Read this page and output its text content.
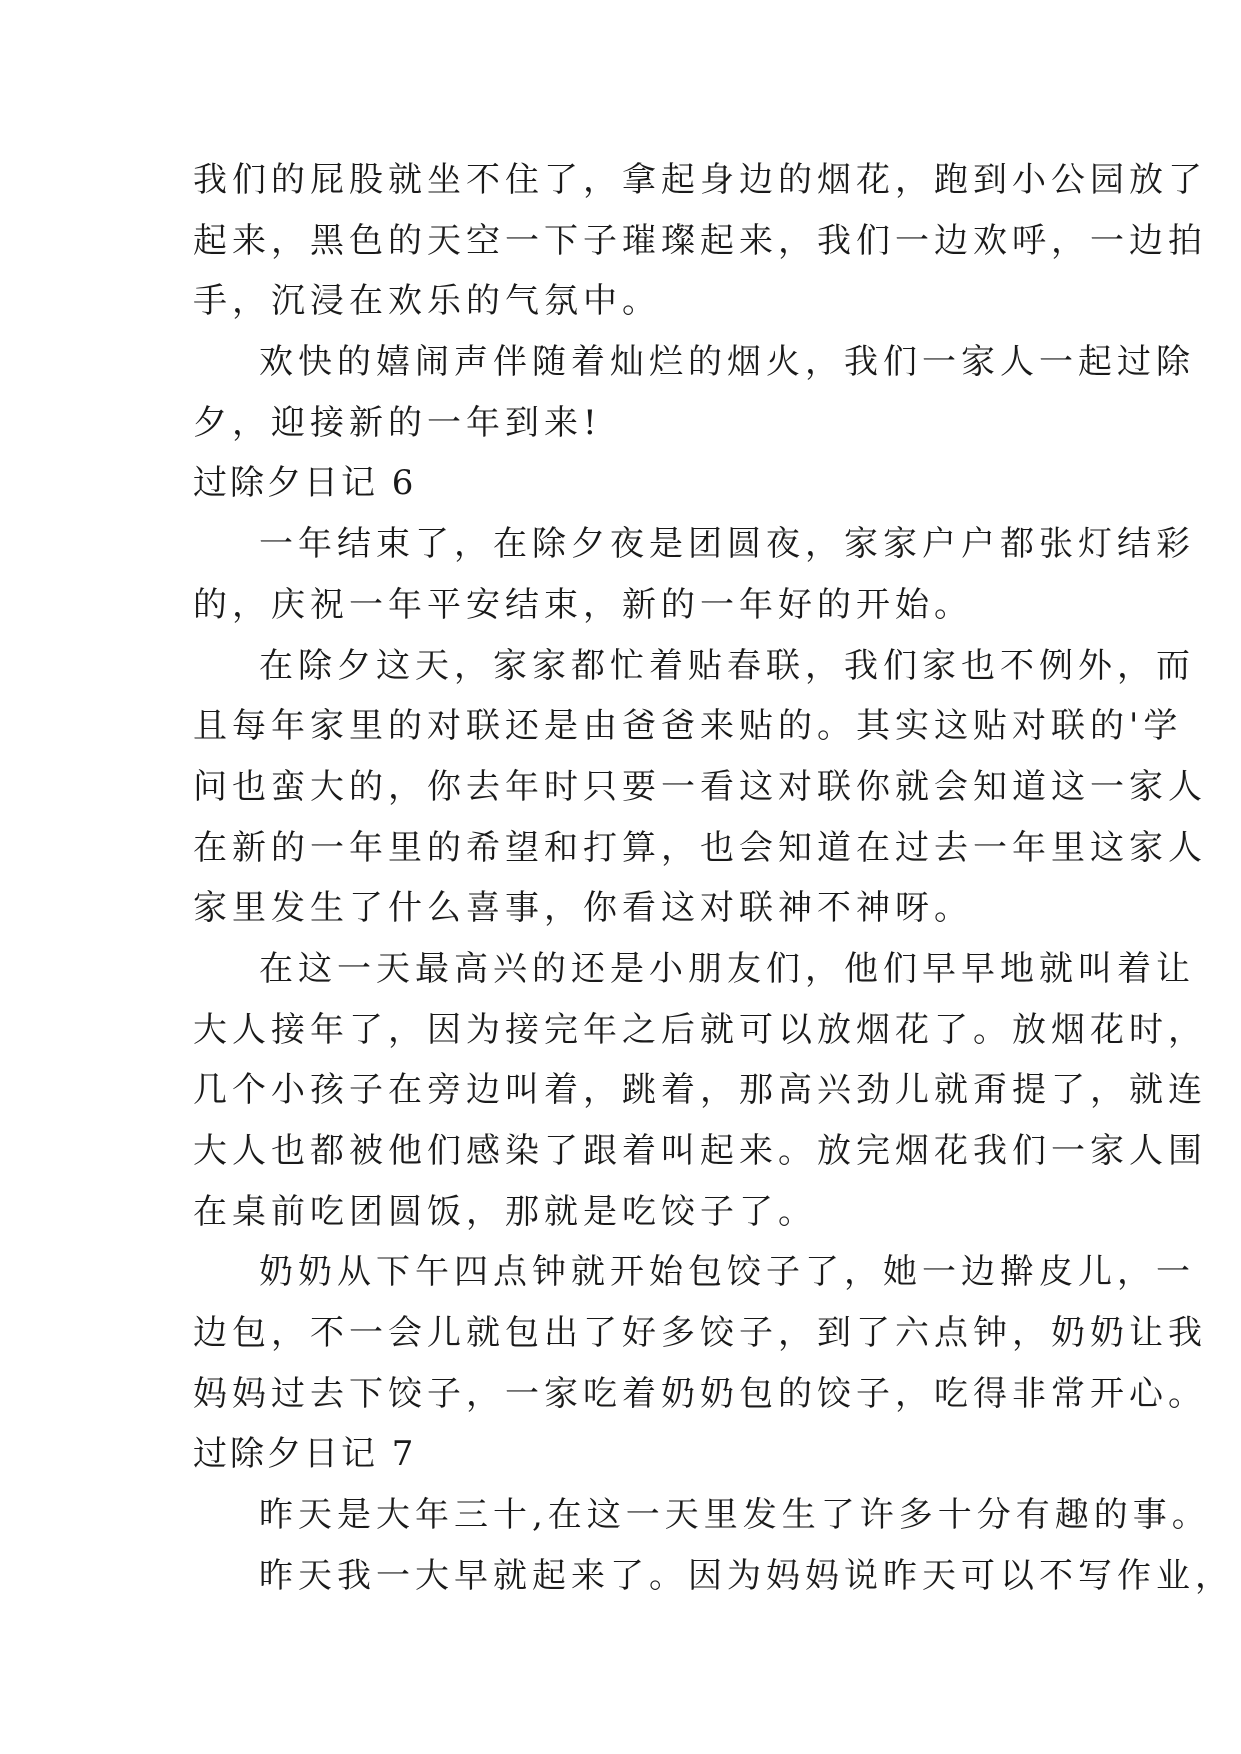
我们的屁股就坐不住了，拿起身边的烟花，跑到小公园放了
起来，黑色的天空一下子璀璨起来，我们一边欢呼，一边拍
手，沉浸在欢乐的气氛中。
欢快的嬉闹声伴随着灿烂的烟火，我们一家人一起过除
夕，迎接新的一年到来!
过除夕日记 6
一年结束了，在除夕夜是团圆夜，家家户户都张灯结彩
的，庆祝一年平安结束，新的一年好的开始。
在除夕这天，家家都忙着贴春联，我们家也不例外，而
且每年家里的对联还是由爸爸来贴的。其实这贴对联的'学
问也蛮大的，你去年时只要一看这对联你就会知道这一家人
在新的一年里的希望和打算，也会知道在过去一年里这家人
家里发生了什么喜事，你看这对联神不神呀。
在这一天最高兴的还是小朋友们，他们早早地就叫着让
大人接年了，因为接完年之后就可以放烟花了。放烟花时，
几个小孩子在旁边叫着，跳着，那高兴劲儿就甭提了，就连
大人也都被他们感染了跟着叫起来。放完烟花我们一家人围
在桌前吃团圆饭，那就是吃饺子了。
奶奶从下午四点钟就开始包饺子了，她一边擀皮儿，一
边包，不一会儿就包出了好多饺子，到了六点钟，奶奶让我
妈妈过去下饺子，一家吃着奶奶包的饺子，吃得非常开心。
过除夕日记 7
昨天是大年三十,在这一天里发生了许多十分有趣的事。
昨天我一大早就起来了。因为妈妈说昨天可以不写作业，
